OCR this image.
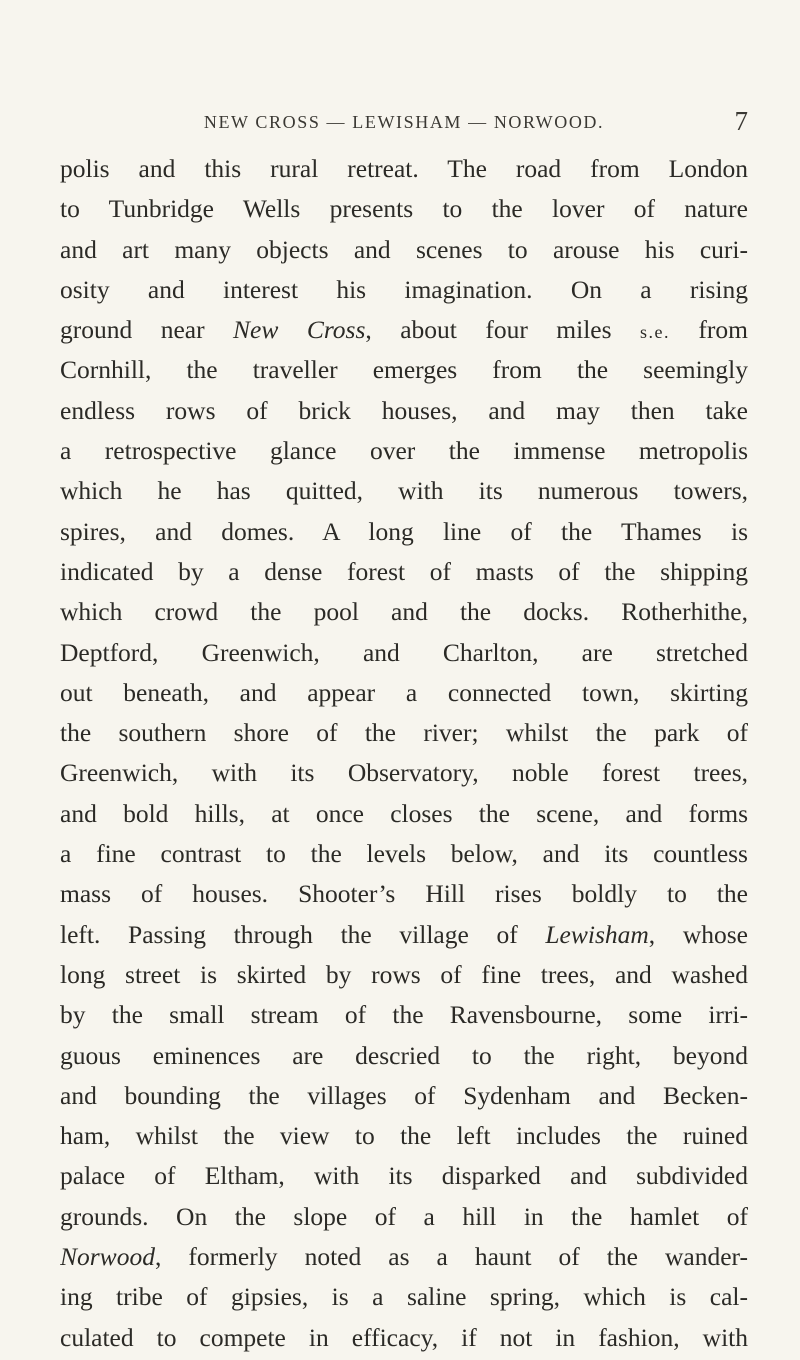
NEW CROSS — LEWISHAM — NORWOOD.	7
polis and this rural retreat. The road from London
to Tunbridge Wells presents to the lover of nature
and art many objects and scenes to arouse his curi-
osity and interest his imagination. On a rising
ground near New Cross, about four miles s.e. from
Cornhill, the traveller emerges from the seemingly
endless rows of brick houses, and may then take
a retrospective glance over the immense metropolis
which he has quitted, with its numerous towers,
spires, and domes. A long line of the Thames is
indicated by a dense forest of masts of the shipping
which crowd the pool and the docks. Rotherhithe,
Deptford, Greenwich, and Charlton, are stretched
out beneath, and appear a connected town, skirting
the southern shore of the river; whilst the park of
Greenwich, with its Observatory, noble forest trees,
and bold hills, at once closes the scene, and forms
a fine contrast to the levels below, and its countless
mass of houses. Shooter’s Hill rises boldly to the
left. Passing through the village of Lewisham, whose
long street is skirted by rows of fine trees, and washed
by the small stream of the Ravensbourne, some irri-
guous eminences are descried to the right, beyond
and bounding the villages of Sydenham and Becken-
ham, whilst the view to the left includes the ruined
palace of Eltham, with its disparked and subdivided
grounds. On the slope of a hill in the hamlet of
Norwood, formerly noted as a haunt of the wander-
ing tribe of gipsies, is a saline spring, which is cal-
culated to compete in efficacy, if not in fashion, with
